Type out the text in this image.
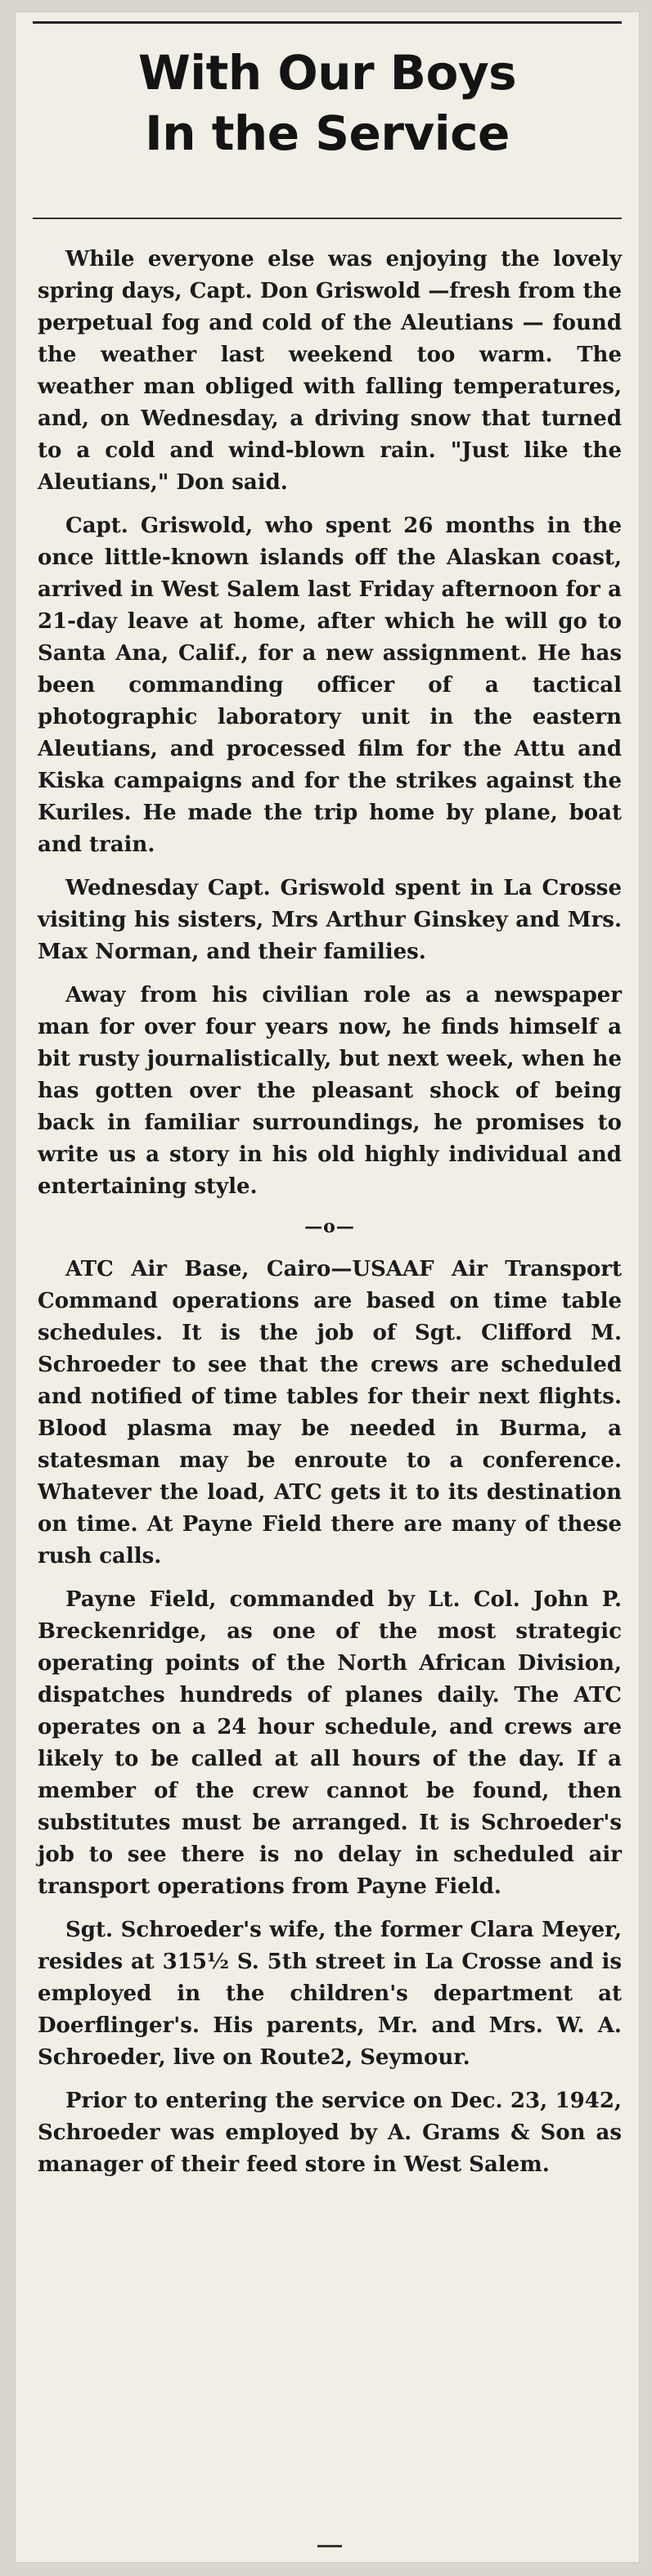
With Our Boys
In the Service

While everyone else was enjoying the lovely spring days, Capt. Don Griswold —fresh from the perpetual fog and cold of the Aleutians — found the weather last weekend too warm. The weather man obliged with falling temperatures, and, on Wednesday, a driving snow that turned to a cold and wind-blown rain. "Just like the Aleutians," Don said.

Capt. Griswold, who spent 26 months in the once little-known islands off the Alaskan coast, arrived in West Salem last Friday afternoon for a 21-day leave at home, after which he will go to Santa Ana, Calif., for a new assignment. He has been commanding officer of a tactical photographic laboratory unit in the eastern Aleutians, and processed film for the Attu and Kiska campaigns and for the strikes against the Kuriles. He made the trip home by plane, boat and train.

Wednesday Capt. Griswold spent in La Crosse visiting his sisters, Mrs Arthur Ginskey and Mrs. Max Norman, and their families.

Away from his civilian role as a newspaper man for over four years now, he finds himself a bit rusty journalistically, but next week, when he has gotten over the pleasant shock of being back in familiar surroundings, he promises to write us a story in his old highly individual and entertaining style.

—o—

ATC Air Base, Cairo—USAAF Air Transport Command operations are based on time table schedules. It is the job of Sgt. Clifford M. Schroeder to see that the crews are scheduled and notified of time tables for their next flights. Blood plasma may be needed in Burma, a statesman may be enroute to a conference. Whatever the load, ATC gets it to its destination on time. At Payne Field there are many of these rush calls.

Payne Field, commanded by Lt. Col. John P. Breckenridge, as one of the most strategic operating points of the North African Division, dispatches hundreds of planes daily. The ATC operates on a 24 hour schedule, and crews are likely to be called at all hours of the day. If a member of the crew cannot be found, then substitutes must be arranged. It is Schroeder's job to see there is no delay in scheduled air transport operations from Payne Field.

Sgt. Schroeder's wife, the former Clara Meyer, resides at 315½ S. 5th street in La Crosse and is employed in the children's department at Doerflinger's. His parents, Mr. and Mrs. W. A. Schroeder, live on Route2, Seymour.

Prior to entering the service on Dec. 23, 1942, Schroeder was employed by A. Grams & Son as manager of their feed store in West Salem.
